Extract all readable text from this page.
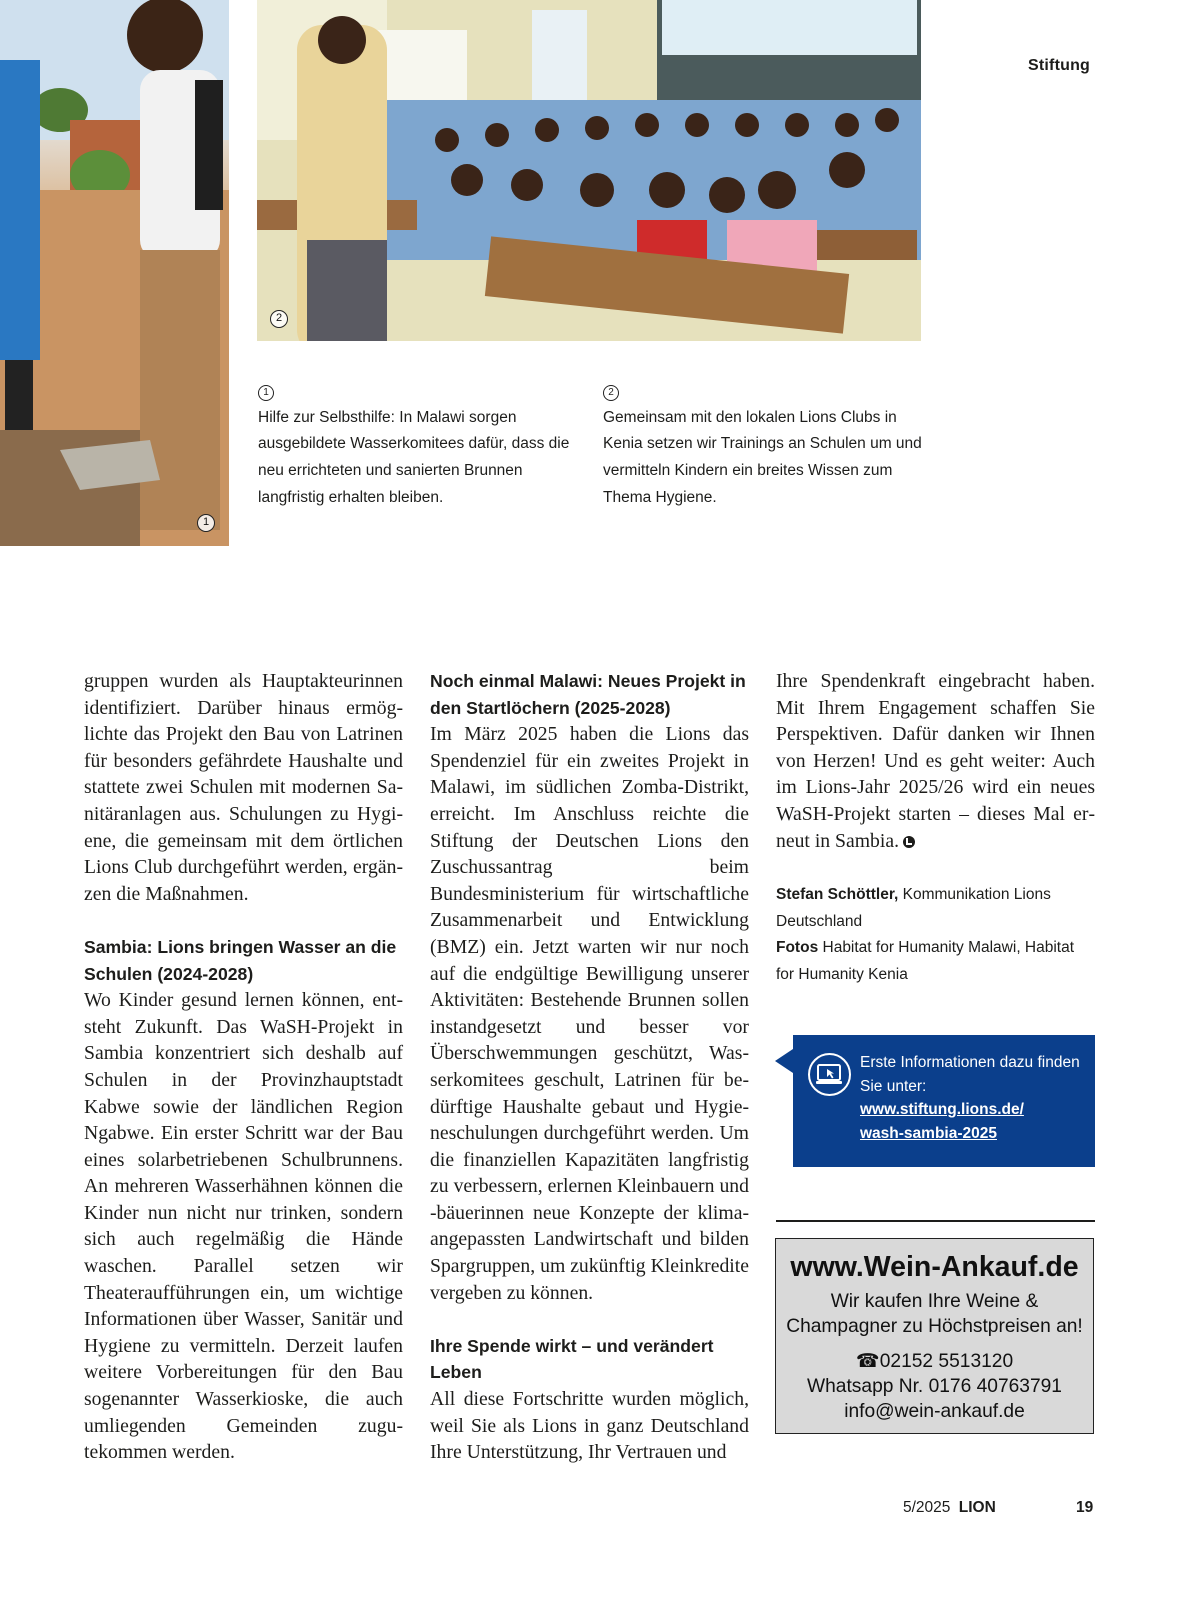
Stiftung
1
2
1
Hilfe zur Selbsthilfe: In Malawi sorgen ausgebildete Wasserkomitees dafür, dass die neu errichteten und sanierten Brunnen langfristig erhalten bleiben.
2
Gemeinsam mit den lokalen Lions Clubs in Kenia setzen wir Trainings an Schulen um und vermitteln Kindern ein breites Wissen zum Thema Hygiene.

gruppen wurden als Hauptakteurinnen identifiziert. Darüber hinaus ermöglichte das Projekt den Bau von Latrinen für besonders gefährdete Haushalte und stattete zwei Schulen mit modernen Sanitäranlagen aus. Schulungen zu Hygiene, die gemeinsam mit dem örtlichen Lions Club durchgeführt werden, ergänzen die Maßnahmen.

Sambia: Lions bringen Wasser an die Schulen (2024-2028)

Wo Kinder gesund lernen können, entsteht Zukunft. Das WaSH-Projekt in Sambia konzentriert sich deshalb auf Schulen in der Provinzhauptstadt Kabwe sowie der ländlichen Region Ngabwe. Ein erster Schritt war der Bau eines solarbetriebenen Schulbrunnens. An mehreren Wasserhähnen können die Kinder nun nicht nur trinken, sondern sich auch regelmäßig die Hände waschen. Parallel setzen wir Theateraufführungen ein, um wichtige Informationen über Wasser, Sanitär und Hygiene zu vermitteln. Derzeit laufen weitere Vorbereitungen für den Bau sogenannter Wasserkioske, die auch umliegenden Gemeinden zugutekommen werden.

Noch einmal Malawi: Neues Projekt in den Startlöchern (2025-2028)

Im März 2025 haben die Lions das Spendenziel für ein zweites Projekt in Malawi, im südlichen Zomba-Distrikt, erreicht. Im Anschluss reichte die Stiftung der Deutschen Lions den Zuschussantrag beim Bundesministerium für wirtschaftliche Zusammenarbeit und Entwicklung (BMZ) ein. Jetzt warten wir nur noch auf die endgültige Bewilligung unserer Aktivitäten: Bestehende Brunnen sollen instandgesetzt und besser vor Überschwemmungen geschützt, Wasserkomitees geschult, Latrinen für bedürftige Haushalte gebaut und Hygieneschulungen durchgeführt werden. Um die finanziellen Kapazitäten langfristig zu verbessern, erlernen Kleinbauern und -bäuerinnen neue Konzepte der klimaangepassten Landwirtschaft und bilden Spargruppen, um zukünftig Kleinkredite vergeben zu können.

Ihre Spende wirkt – und verändert Leben

All diese Fortschritte wurden möglich, weil Sie als Lions in ganz Deutschland Ihre Unterstützung, Ihr Vertrauen und

Ihre Spendenkraft eingebracht haben. Mit Ihrem Engagement schaffen Sie Perspektiven. Dafür danken wir Ihnen von Herzen! Und es geht weiter: Auch im Lions-Jahr 2025/26 wird ein neues WaSH-Projekt starten – dieses Mal erneut in Sambia.

Stefan Schöttler, Kommunikation Lions Deutschland
Fotos Habitat for Humanity Malawi, Habitat for Humanity Kenia
Erste Informationen dazu finden Sie unter:
www.stiftung.lions.de/
wash-sambia-2025
www.Wein-Ankauf.de
Wir kaufen Ihre Weine & Champagner zu Höchstpreisen an!
☎02152 5513120
Whatsapp Nr. 0176 40763791
info@wein-ankauf.de
5/2025 LION	19
